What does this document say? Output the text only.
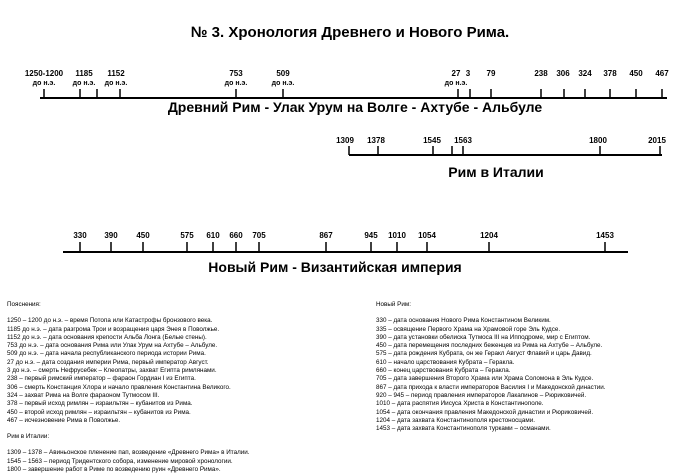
№ 3. Хронология Древнего и Нового Рима.
1250-1200
до н.э.
1185
до н.э.
1152
до н.э.
753
до н.э.
509
до н.э.
27
до н.э.
3 79	238 306 324 378 450 467
Древний Рим - Улак Урум на Волге - Ахтубе - Альбуле
1309 1378	1545 1563	1800	2015
Рим в Италии
330 390 450	575 610 660 705	867	945 1010 1054	1204	1453
Новый Рим - Византийская империя
Пояснения:
1250 – 1200 до н.э. – время Потопа или Катастрофы бронзового века.
1185 до н.э. – дата разгрома Трои и возращения царя Энея в Поволжье.
1152 до н.э. – дата основания крепости Альба Лонга (Белые стены).
753 до н.э. – дата основания Рима или Улак Урум на Ахтубе – Альбуле.
509 до н.э. – дата начала республиканского периода истории Рима.
27 до н.э. – дата создания империи Рима, первый император Август.
3 до н.э. – смерть Нефрусебек – Клеопатры, захват Египта римлянами.
238 – первый римский император – фараон Гордиан I из Египта.
306 – смерть Констанция Хлора и начало правления Константина Великого.
324 – захват Рима на Волге фараоном Тутмосом III.
378 – первый исход римлян – израильтян – кубанитов из Рима.
450 – второй исход римлян – израильтян – кубанитов из Рима.
467 – исчезновение Рима в Поволжье.
Рим в Италии:
1309 – 1378 – Авиньонское пленение пап, возведение «Древнего Рима» в Италии.
1545 – 1563 – период Тридентского собора, изменение мировой хронологии.
1800 – завершение работ в Риме по возведению руин «Древнего Рима».
Новый Рим:
330 – дата основания Нового Рима Константином Великим.
335 – освящение Первого Храма на Храмовой горе Эль Кудсе.
390 – дата установки обелиска Тутмоса III на Ипподроме, мир с Египтом.
450 – дата перемещения последних беженцев из Рима на Ахтубе – Альбуле.
575 – дата рождения Кубрата, он же Геракл Август Флавий и царь Давид.
610 – начало царствования Кубрата – Геракла.
660 – конец царствования Кубрата – Геракла.
705 – дата завершения Второго Храма или Храма Соломона в Эль Кудсе.
867 – дата прихода к власти императоров Василия I и Македонской династии.
920 – 945 – период правления императоров Лакапинов – Рюриковичей.
1010 – дата распятия Иисуса Христа в Константинополе.
1054 – дата окончания правления Македонской династии и Рюриковичей.
1204 – дата захвата Константинополя крестоносцами.
1453 – дата захвата Константинополя турками – османами.
